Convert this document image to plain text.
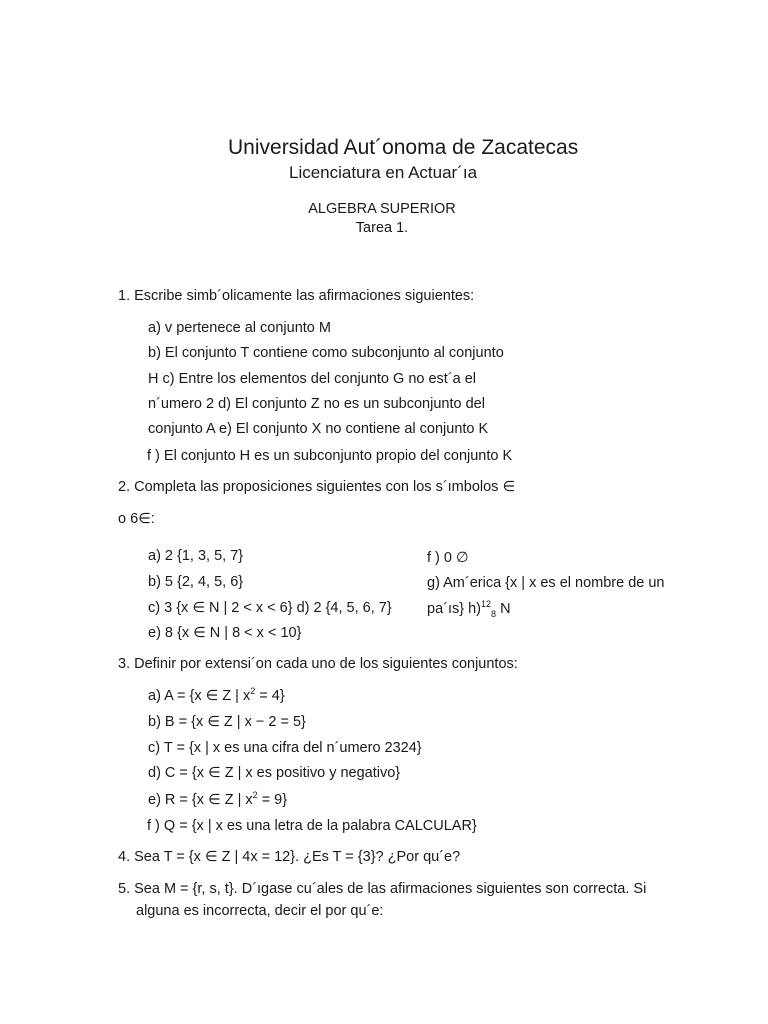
Universidad Aut´onoma de Zacatecas
Licenciatura en Actuar´ıa
ALGEBRA SUPERIOR
Tarea 1.
1. Escribe simb´olicamente las afirmaciones siguientes:
a) v pertenece al conjunto M
b) El conjunto T contiene como subconjunto al conjunto
H c) Entre los elementos del conjunto G no est´a el
n´umero 2 d) El conjunto Z no es un subconjunto del
conjunto A e) El conjunto X no contiene al conjunto K
f ) El conjunto H es un subconjunto propio del conjunto K
2. Completa las proposiciones siguientes con los s´ımbolos ∈
o 6∈:
a) 2 {1, 3, 5, 7}
b) 5 {2, 4, 5, 6}
c) 3 {x ∈ N | 2 < x < 6} d) 2 {4, 5, 6, 7}
e) 8 {x ∈ N | 8 < x < 10}
f ) 0 ∅
g) Am´erica {x | x es el nombre de un
pa´ıs} h)$^{12}_8$ N
3. Definir por extensi´on cada uno de los siguientes conjuntos:
a) A = {x ∈ Z | $x^2 = 4$}
b) B = {x ∈ Z | x − 2 = 5}
c) T = {x | x es una cifra del n´umero 2324}
d) C = {x ∈ Z | x es positivo y negativo}
e) R = {x ∈ Z | $x^2 = 9$}
f ) Q = {x | x es una letra de la palabra CALCULAR}
4. Sea T = {x ∈ Z | 4x = 12}. ¿Es T = {3}? ¿Por qu´e?
5. Sea M = {r, s, t}. D´ıgase cu´ales de las afirmaciones siguientes son correcta. Si
alguna es incorrecta, decir el por qu´e:
